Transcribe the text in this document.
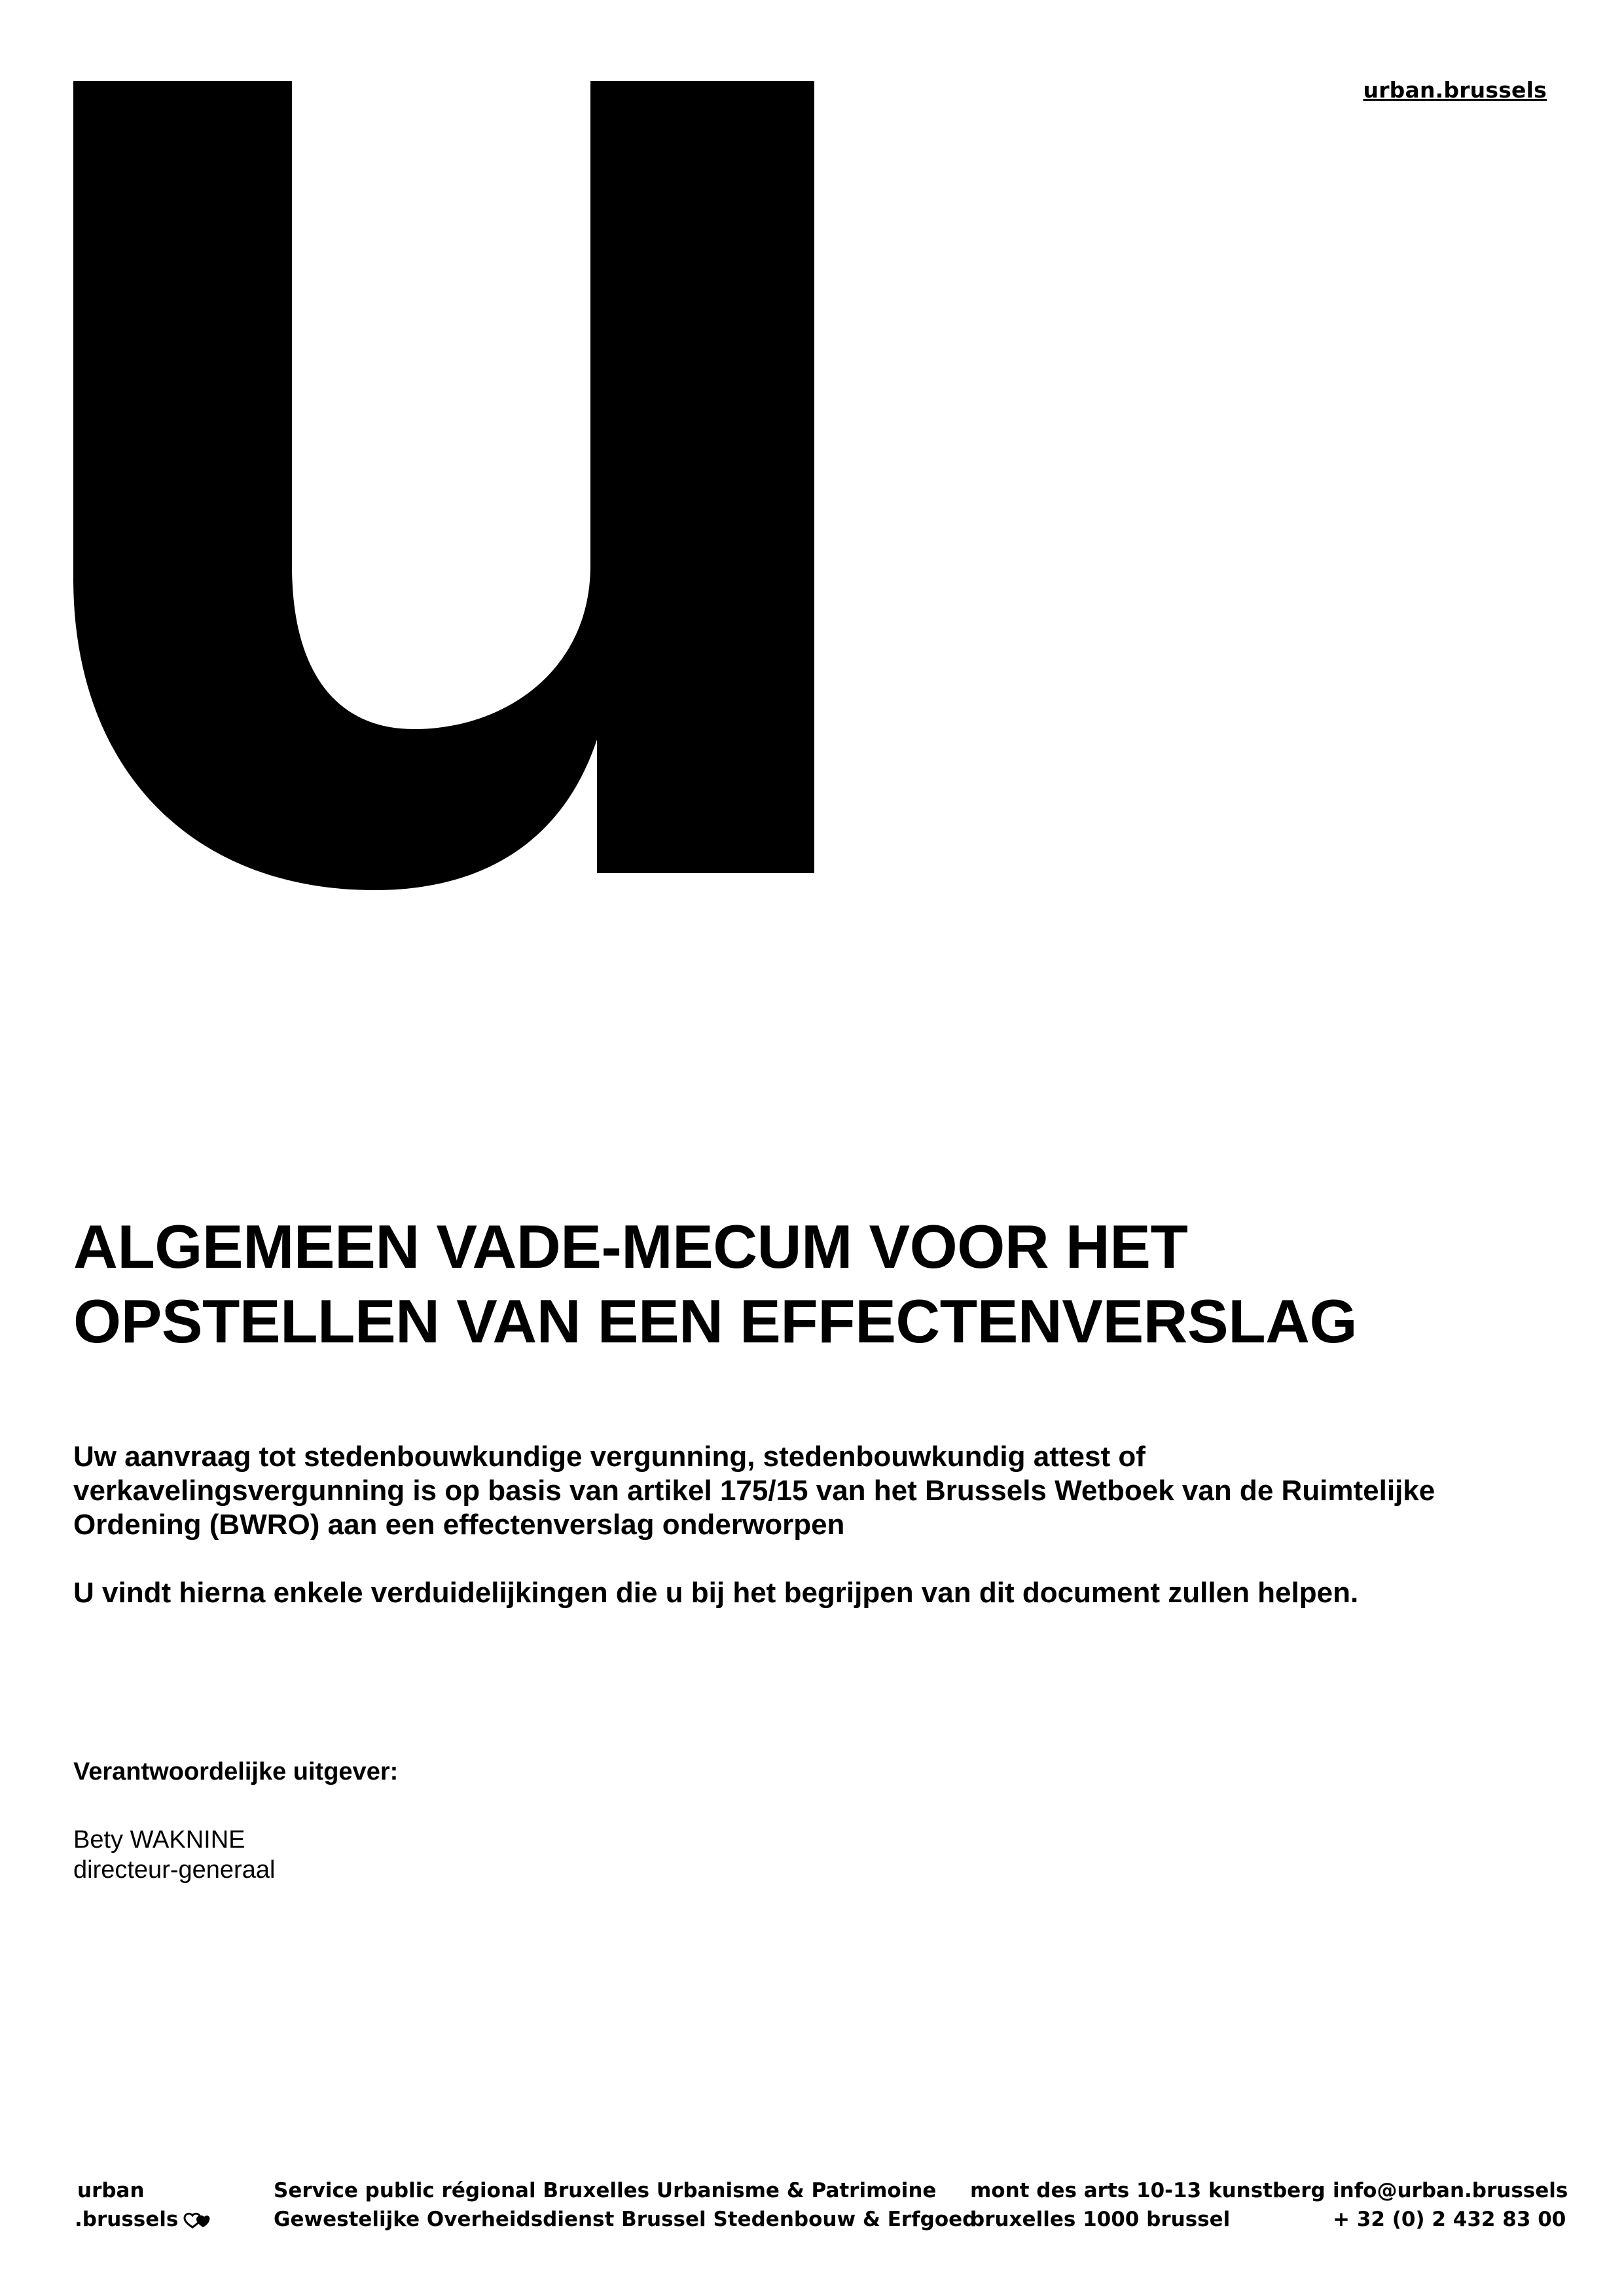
urban.brussels
ALGEMEEN VADE-MECUM VOOR HET
OPSTELLEN VAN EEN EFFECTENVERSLAG
Uw aanvraag tot stedenbouwkundige vergunning, stedenbouwkundig attest of
verkavelingsvergunning is op basis van artikel 175/15 van het Brussels Wetboek van de Ruimtelijke
Ordening (BWRO) aan een effectenverslag onderworpen
U vindt hierna enkele verduidelijkingen die u bij het begrijpen van dit document zullen helpen.
Verantwoordelijke uitgever:
Bety WAKNINE
directeur-generaal
urban
.brussels
Service public régional Bruxelles Urbanisme & Patrimoine
Gewestelijke Overheidsdienst Brussel Stedenbouw & Erfgoed
mont des arts 10-13 kunstberg
bruxelles 1000 brussel
info@urban.brussels
+ 32 (0) 2 432 83 00
